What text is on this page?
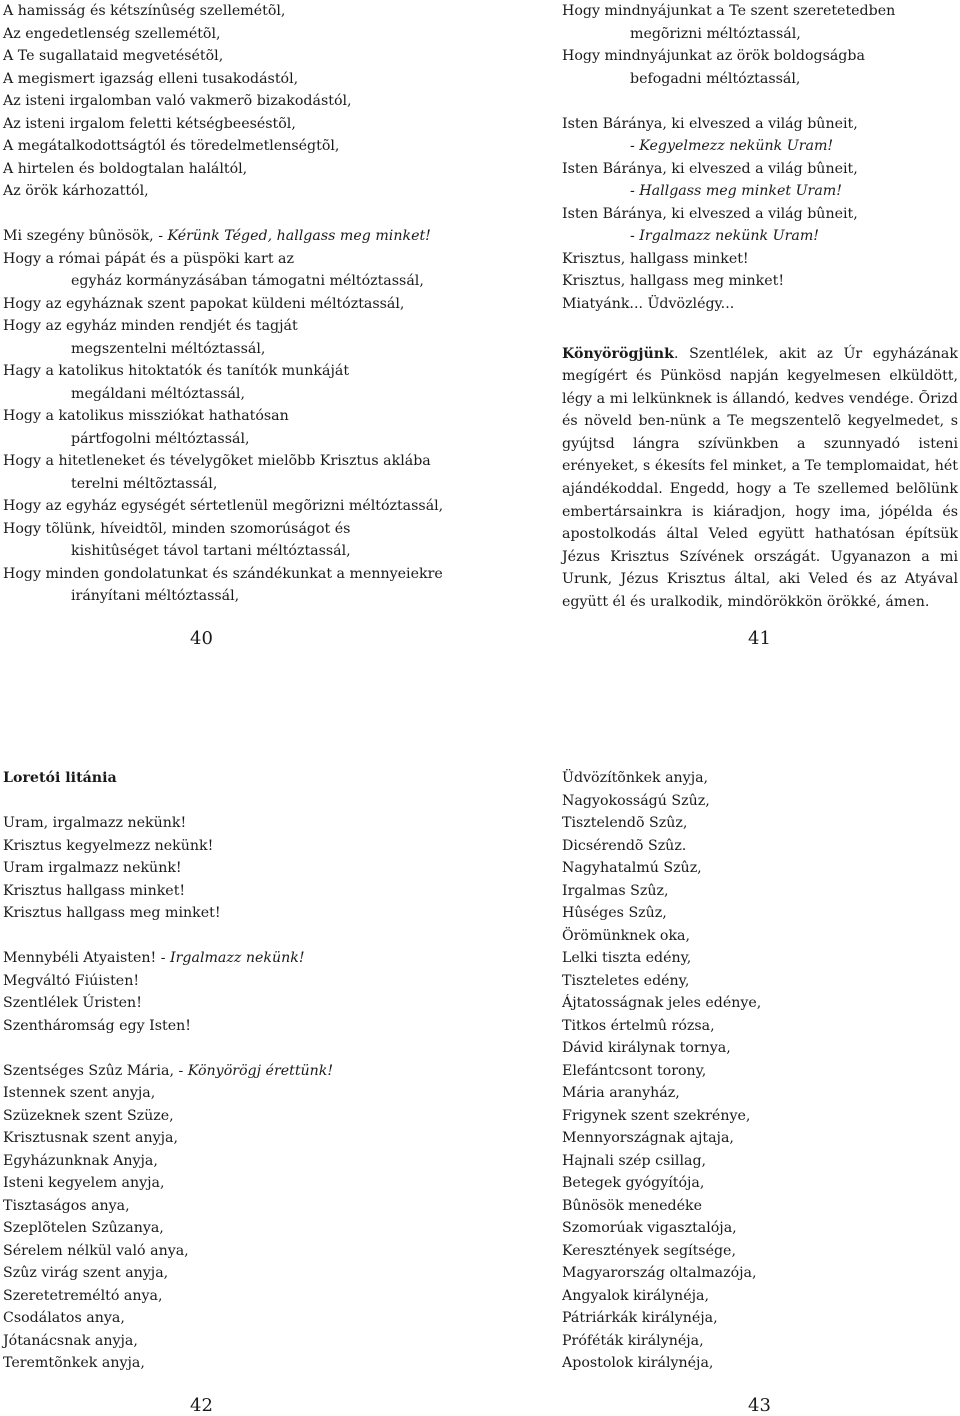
A hamisság és kétszínûség szellemétõl,
Az engedetlenség szellemétõl,
A Te sugallataid megvetésétõl,
A megismert igazság elleni tusakodástól,
Az isteni irgalomban való vakmerõ bizakodástól,
Az isteni irgalom feletti kétségbeeséstõl,
A megátalkodottságtól és töredelmetlenségtõl,
A hirtelen és boldogtalan haláltól,
Az örök kárhozattól,
Mi szegény bûnösök, - Kérünk Téged, hallgass meg minket!
Hogy a római pápát és a püspöki kart az
egyház kormányzásában támogatni méltóztassál,
Hogy az egyháznak szent papokat küldeni méltóztassál,
Hogy az egyház minden rendjét és tagját
megszentelni méltóztassál,
Hagy a katolikus hitoktatók és tanítók munkáját
megáldani méltóztassál,
Hogy a katolikus missziókat hathatósan
pártfogolni méltóztassál,
Hogy a hitetleneket és tévelygõket mielõbb Krisztus aklába
terelni méltõztassál,
Hogy az egyház egységét sértetlenül megõrizni méltóztassál,
Hogy tõlünk, híveidtõl, minden szomorúságot és
kishitûséget távol tartani méltóztassál,
Hogy minden gondolatunkat és szándékunkat a mennyeiekre
irányítani méltóztassál,
40
Hogy mindnyájunkat a Te szent szeretetedben
megõrizni méltóztassál,
Hogy mindnyájunkat az örök boldogságba
befogadni méltóztassál,
Isten Báránya, ki elveszed a világ bûneit,
- Kegyelmezz nekünk Uram!
Isten Báránya, ki elveszed a világ bûneit,
- Hallgass meg minket Uram!
Isten Báránya, ki elveszed a világ bûneit,
- Irgalmazz nekünk Uram!
Krisztus, hallgass minket!
Krisztus, hallgass meg minket!
Miatyánk... Üdvözlégy...
Könyörögjünk. Szentlélek, akit az Úr egyházának megígért és Pünkösd napján kegyelmesen elküldött, légy a mi lelkünknek is állandó, kedves vendége. Õrizd és növeld ben-nünk a Te megszentelõ kegyelmedet, s gyújtsd lángra szívünkben a szunnyadó isteni erényeket, s ékesíts fel minket, a Te templomaidat, hét ajándékoddal. Engedd, hogy a Te szellemed belõlünk embertársainkra is kiáradjon, hogy ima, jópélda és apostolkodás által Veled együtt hathatósan építsük Jézus Krisztus Szívének országát. Ugyanazon a mi Urunk, Jézus Krisztus által, aki Veled és az Atyával együtt él és uralkodik, mindörökkön örökké, ámen.
41
Loretói litánia
Uram, irgalmazz nekünk!
Krisztus kegyelmezz nekünk!
Uram irgalmazz nekünk!
Krisztus hallgass minket!
Krisztus hallgass meg minket!
Mennybéli Atyaisten! - Irgalmazz nekünk!
Megváltó Fiúisten!
Szentlélek Úristen!
Szentháromság egy Isten!
Szentséges Szûz Mária, - Könyörögj érettünk!
Istennek szent anyja,
Szüzeknek szent Szüze,
Krisztusnak szent anyja,
Egyházunknak Anyja,
Isteni kegyelem anyja,
Tisztaságos anya,
Szeplõtelen Szûzanya,
Sérelem nélkül való anya,
Szûz virág szent anyja,
Szeretetreméltó anya,
Csodálatos anya,
Jótanácsnak anyja,
Teremtõnkek anyja,
42
Üdvözítõnkek anyja,
Nagyokosságú Szûz,
Tisztelendõ Szûz,
Dicsérendõ Szûz.
Nagyhatalmú Szûz,
Irgalmas Szûz,
Hûséges Szûz,
Örömünknek oka,
Lelki tiszta edény,
Tiszteletes edény,
Ájtatosságnak jeles edénye,
Titkos értelmû rózsa,
Dávid királynak tornya,
Elefántcsont torony,
Mária aranyház,
Frigynek szent szekrénye,
Mennyországnak ajtaja,
Hajnali szép csillag,
Betegek gyógyítója,
Bûnösök menedéke
Szomorúak vigasztalója,
Keresztények segítsége,
Magyarország oltalmazója,
Angyalok királynéja,
Pátriárkák királynéja,
Próféták királynéja,
Apostolok királynéja,
43
